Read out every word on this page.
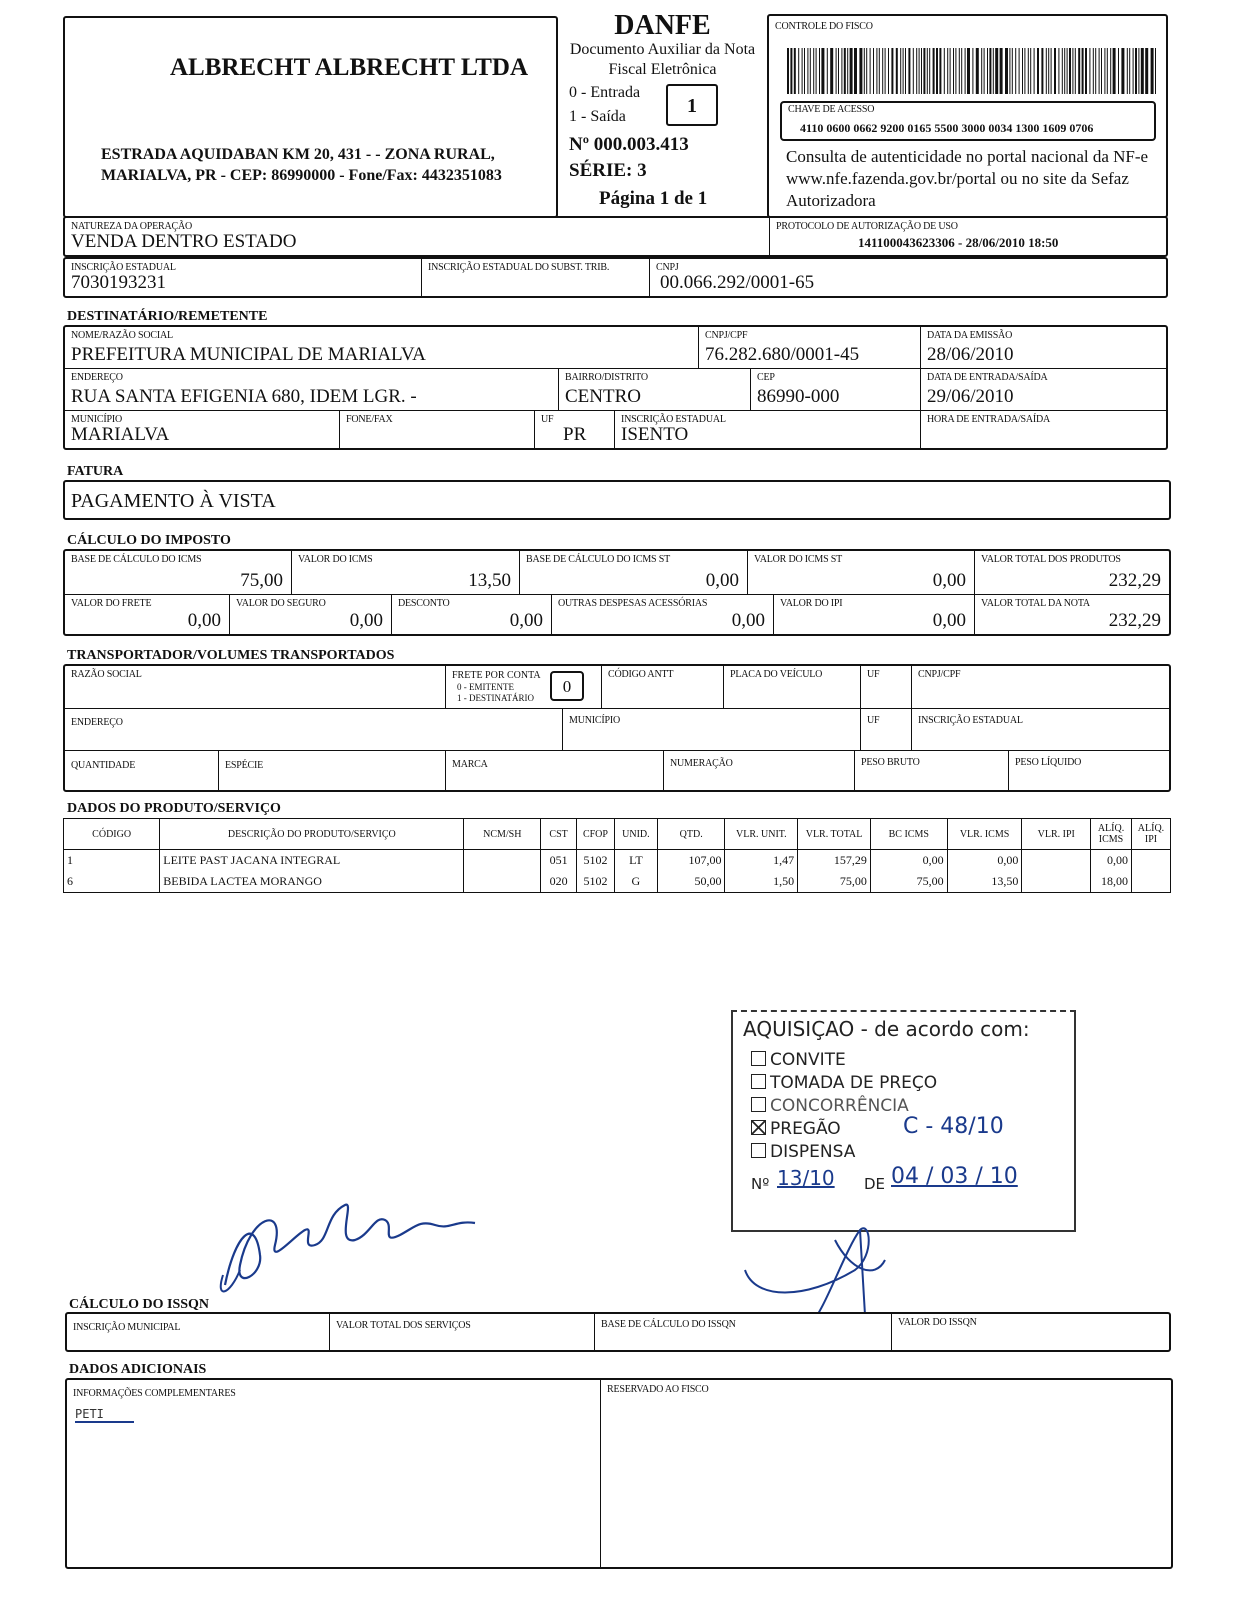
ALBRECHT ALBRECHT LTDA
ESTRADA AQUIDABAN KM 20, 431 - - ZONA RURAL,
MARIALVA, PR - CEP: 86990000 - Fone/Fax: 4432351083
DANFE
Documento Auxiliar da Nota
Fiscal Eletrônica
0 - Entrada
1 - Saída	1
Nº 000.003.413
SÉRIE: 3
Página 1 de 1
CONTROLE DO FISCO
CHAVE DE ACESSO
4110 0600 0662 9200 0165 5500 3000 0034 1300 1609 0706
Consulta de autenticidade no portal nacional da NF-e www.nfe.fazenda.gov.br/portal ou no site da Sefaz Autorizadora
NATUREZA DA OPERAÇÃO
VENDA DENTRO ESTADO
PROTOCOLO DE AUTORIZAÇÃO DE USO
141100043623306 - 28/06/2010 18:50
INSCRIÇÃO ESTADUAL
7030193231
INSCRIÇÃO ESTADUAL DO SUBST. TRIB.	CNPJ
00.066.292/0001-65
DESTINATÁRIO/REMETENTE
NOME/RAZÃO SOCIAL
PREFEITURA MUNICIPAL DE MARIALVA
CNPJ/CPF
76.282.680/0001-45
DATA DA EMISSÃO
28/06/2010
ENDEREÇO
RUA SANTA EFIGENIA 680, IDEM LGR. -
BAIRRO/DISTRITO
CENTRO
CEP
86990-000
DATA DE ENTRADA/SAÍDA
29/06/2010
MUNICÍPIO
MARIALVA
FONE/FAX	UF
PR
INSCRIÇÃO ESTADUAL
ISENTO
HORA DE ENTRADA/SAÍDA
FATURA
PAGAMENTO À VISTA
CÁLCULO DO IMPOSTO
BASE DE CÁLCULO DO ICMS
75,00
VALOR DO ICMS
13,50
BASE DE CÁLCULO DO ICMS ST
0,00
VALOR DO ICMS ST
0,00
VALOR TOTAL DOS PRODUTOS
232,29
VALOR DO FRETE
0,00
VALOR DO SEGURO
0,00
DESCONTO
0,00
OUTRAS DESPESAS ACESSÓRIAS
0,00
VALOR DO IPI
0,00
VALOR TOTAL DA NOTA
232,29
TRANSPORTADOR/VOLUMES TRANSPORTADOS
RAZÃO SOCIAL	FRETE POR CONTA
0 - EMITENTE
1 - DESTINATÁRIO
0
CÓDIGO ANTT	PLACA DO VEÍCULO	UF	CNPJ/CPF
ENDEREÇO	MUNICÍPIO	UF	INSCRIÇÃO ESTADUAL
QUANTIDADE	ESPÉCIE	MARCA	NUMERAÇÃO	PESO BRUTO	PESO LÍQUIDO
DADOS DO PRODUTO/SERVIÇO
CÓDIGO	DESCRIÇÃO DO PRODUTO/SERVIÇO	NCM/SH	CST	CFOP	UNID.	QTD.	VLR. UNIT.	VLR. TOTAL	BC ICMS	VLR. ICMS	VLR. IPI	ALÍQ. ICMS	ALÍQ. IPI
1	LEITE PAST JACANA INTEGRAL		051	5102	LT	107,00	1,47	157,29	0,00	0,00		0,00	
6	BEBIDA LACTEA MORANGO		020	5102	G	50,00	1,50	75,00	75,00	13,50		18,00	
AQUISIÇAO - de acordo com:
CONVITE
TOMADA DE PREÇO
CONCORRÊNCIA
PREGÃO	C - 48/10
DISPENSA
Nº 13/10 DE 04 / 03 / 10
CÁLCULO DO ISSQN
INSCRIÇÃO MUNICIPAL	VALOR TOTAL DOS SERVIÇOS	BASE DE CÁLCULO DO ISSQN	VALOR DO ISSQN
DADOS ADICIONAIS
INFORMAÇÕES COMPLEMENTARES
PETI
RESERVADO AO FISCO
